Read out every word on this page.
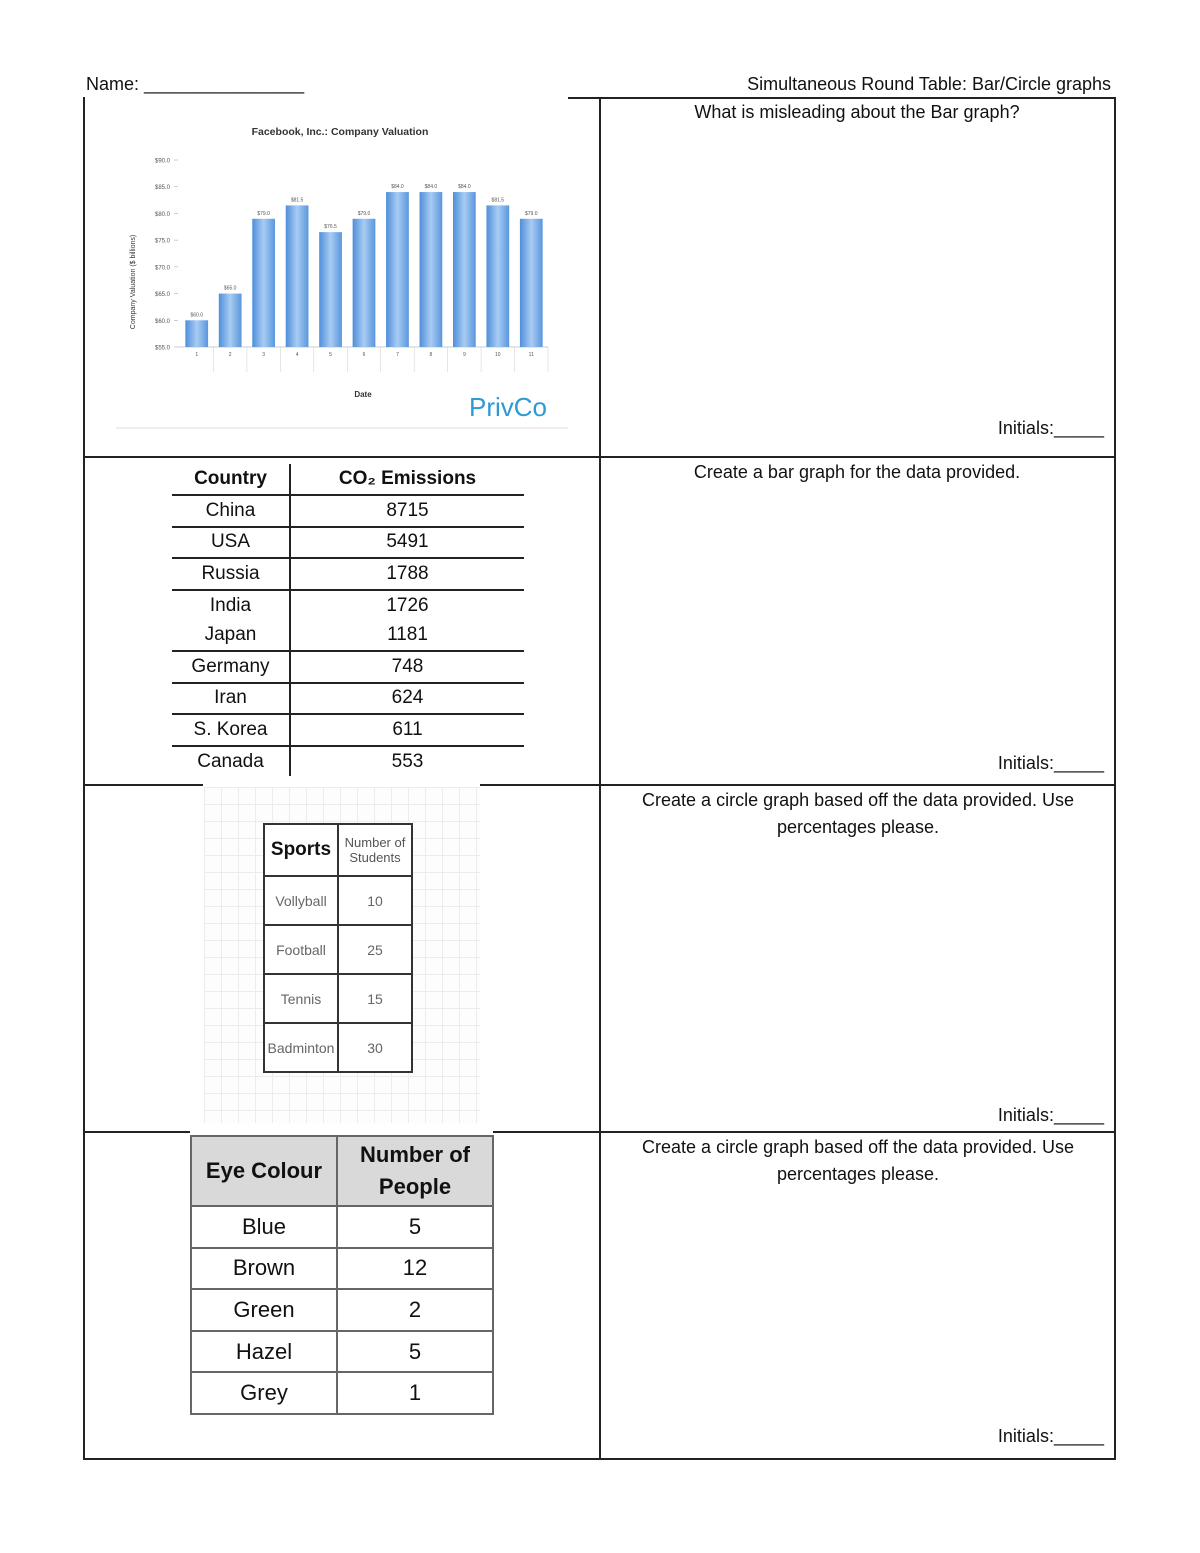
Name: ________________	Simultaneous Round Table: Bar/Circle graphs
What is misleading about the Bar graph?
Initials:_____
Create a bar graph for the data provided.
Initials:_____
Create a circle graph based off the data provided. Use percentages please.
Initials:_____
Create a circle graph based off the data provided. Use percentages please.
Initials:_____
Facebook, Inc.: Company Valuation
Company Valuation ($ billions)
Date	PrivCo
$55.0
$60.0
$65.0
$70.0
$75.0
$80.0
$85.0
$90.0
$60.0
$65.0
$79.0
$81.5
$76.5
$79.0
$84.0	$84.0	$84.0
$81.5
$79.0
1	2	3	4	5	6	7	8	9	10	11
Country	CO₂ Emissions
China	8715
USA	5491
Russia	1788
India	1726
Japan	1181
Germany	748
Iran	624
S. Korea	611
Canada	553
Sports	Number of Students
Vollyball	10
Football	25
Tennis	15
Badminton	30
Eye Colour	Number of People
Blue	5
Brown	12
Green	2
Hazel	5
Grey	1
